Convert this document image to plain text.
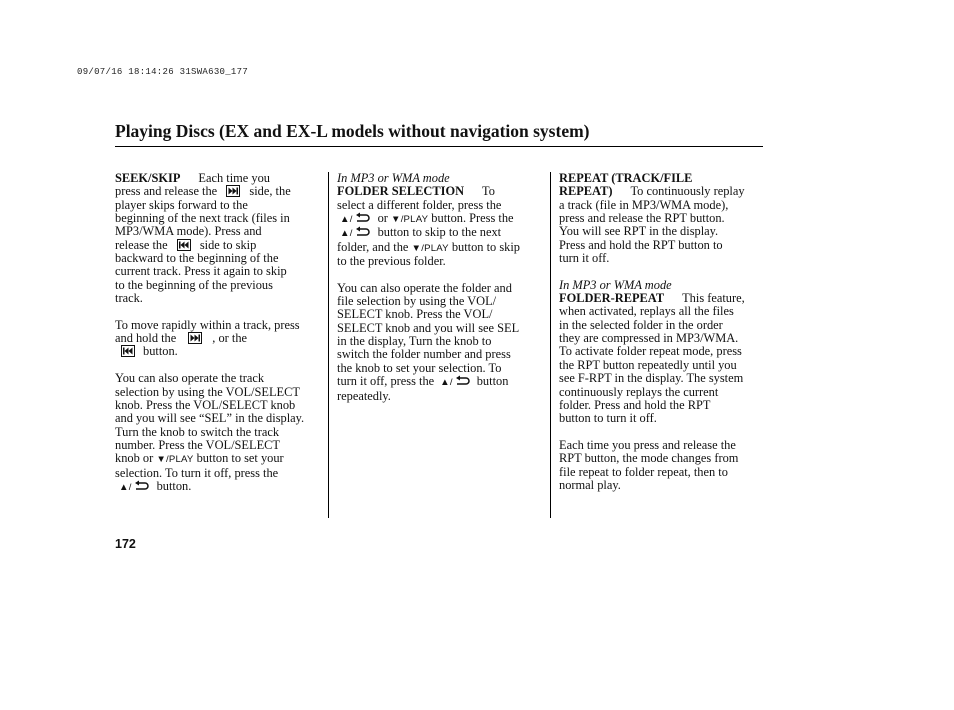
09/07/16 18:14:26 31SWA630_177
Playing Discs (EX and EX-L models without navigation system)

SEEK/SKIP Each time you

press and release the	side, the

player skips forward to the

beginning of the next track (files in

MP3/WMA mode). Press and

release the	side to skip

backward to the beginning of the

current track. Press it again to skip

to the beginning of the previous

track.

To move rapidly within a track, press

and hold the	, or the

button.

You can also operate the track

selection by using the VOL/SELECT

knob. Press the VOL/SELECT knob

and you will see “SEL” in the display.

Turn the knob to switch the track

number. Press the VOL/SELECT

knob or ▼/PLAY button to set your

selection. To turn it off, press the

▲/ button.

In MP3 or WMA mode

FOLDER SELECTION To

select a different folder, press the

▲/ or ▼/PLAY button. Press the

▲/ button to skip to the next

folder, and the ▼/PLAY button to skip

to the previous folder.

You can also operate the folder and

file selection by using the VOL/

SELECT knob. Press the VOL/

SELECT knob and you will see SEL

in the display, Turn the knob to

switch the folder number and press

the knob to set your selection. To

turn it off, press the ▲/ button

repeatedly.

REPEAT (TRACK/FILE

REPEAT) To continuously replay

a track (file in MP3/WMA mode),

press and release the RPT button.

You will see RPT in the display.

Press and hold the RPT button to

turn it off.

In MP3 or WMA mode

FOLDER-REPEAT This feature,

when activated, replays all the files

in the selected folder in the order

they are compressed in MP3/WMA.

To activate folder repeat mode, press

the RPT button repeatedly until you

see F-RPT in the display. The system

continuously replays the current

folder. Press and hold the RPT

button to turn it off.

Each time you press and release the

RPT button, the mode changes from

file repeat to folder repeat, then to

normal play.

172
